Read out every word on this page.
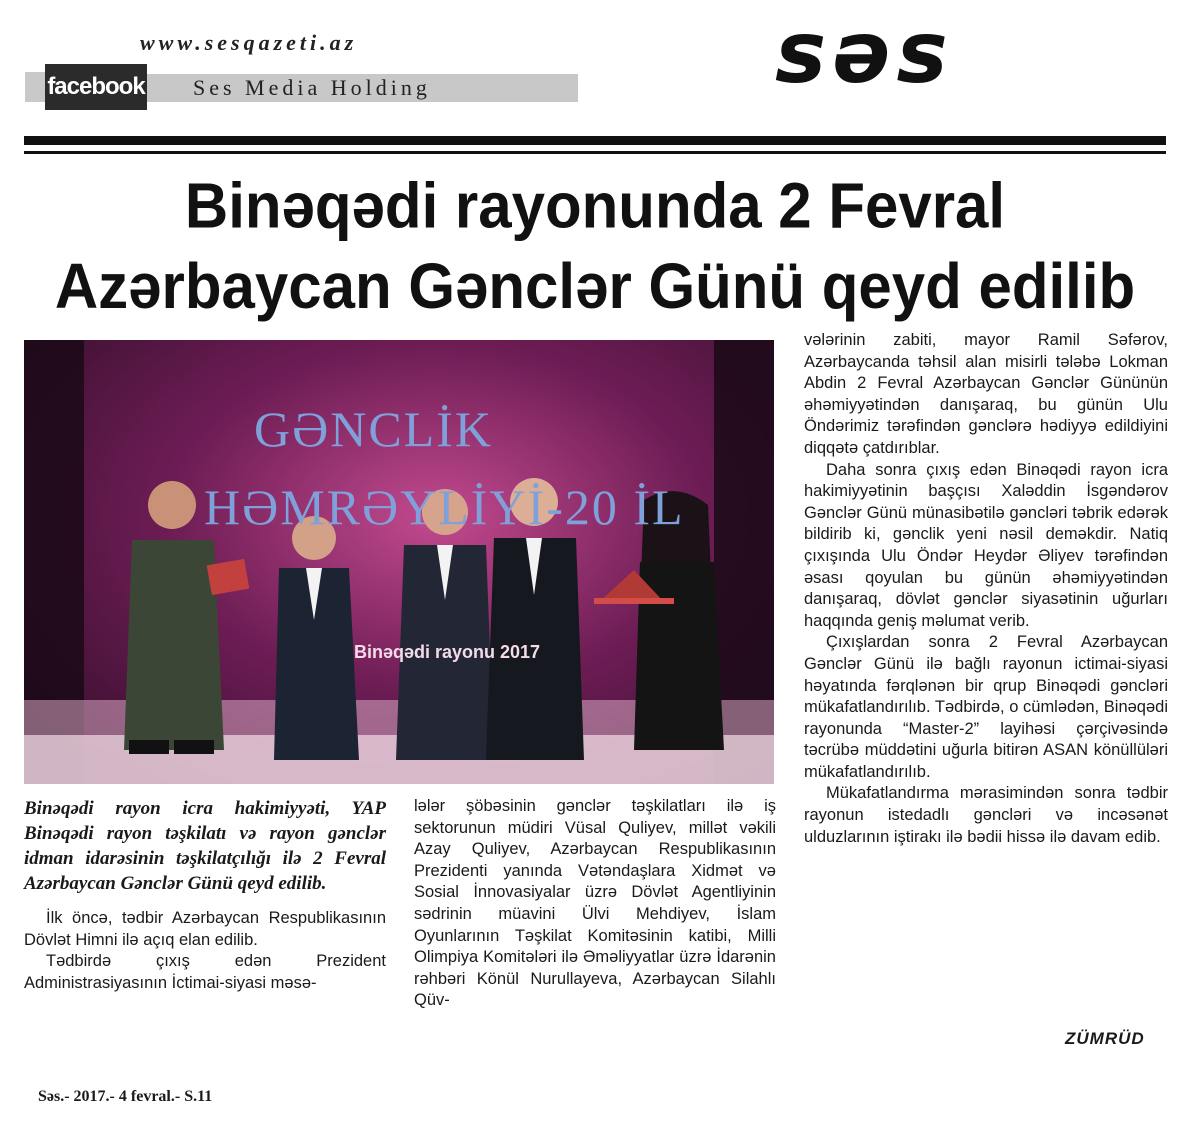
www.sesqazeti.az
facebook Ses Media Holding	səs
Binəqədi rayonunda 2 Fevral
Azərbaycan Gənclər Günü qeyd edilib
GƏNCLİK
HƏMRƏYLİYİ-20 İL
Binəqədi rayonu 2017

Binəqədi rayon icra hakimiyyəti, YAP Binəqədi rayon təşkilatı və rayon gənclər idman idarəsinin təşkilatçılığı ilə 2 Fevral Azərbaycan Gənclər Günü qeyd edilib.

İlk öncə, tədbir Azərbaycan Respublikasının Dövlət Himni ilə açıq elan edilib.

Tədbirdə çıxış edən Prezident Administrasiyasının İctimai-siyasi məsə-

lələr şöbəsinin gənclər təşkilatları ilə iş sektorunun müdiri Vüsal Quliyev, millət vəkili Azay Quliyev, Azərbaycan Respublikasının Prezidenti yanında Vətəndaşlara Xidmət və Sosial İnnovasiyalar üzrə Dövlət Agentliyinin sədrinin müavini Ülvi Mehdiyev, İslam Oyunlarının Təşkilat Komitəsinin katibi, Milli Olimpiya Komitələri ilə Əməliyyatlar üzrə İdarənin rəhbəri Könül Nurullayeva, Azərbaycan Silahlı Qüv-

vələrinin zabiti, mayor Ramil Səfərov, Azərbaycanda təhsil alan misirli tələbə Lokman Abdin 2 Fevral Azərbaycan Gənclər Gününün əhəmiyyətindən danışaraq, bu günün Ulu Öndərimiz tərəfindən gənclərə hədiyyə edildiyini diqqətə çatdırıblar.

Daha sonra çıxış edən Binəqədi rayon icra hakimiyyətinin başçısı Xaləddin İsgəndərov Gənclər Günü münasibətilə gəncləri təbrik edərək bildirib ki, gənclik yeni nəsil deməkdir. Natiq çıxışında Ulu Öndər Heydər Əliyev tərəfindən əsası qoyulan bu günün əhəmiyyətindən danışaraq, dövlət gənclər siyasətinin uğurları haqqında geniş məlumat verib.

Çıxışlardan sonra 2 Fevral Azərbaycan Gənclər Günü ilə bağlı rayonun ictimai-siyasi həyatında fərqlənən bir qrup Binəqədi gəncləri mükafatlandırılıb. Tədbirdə, o cümlədən, Binəqədi rayonunda “Master-2” layihəsi çərçivəsində təcrübə müddətini uğurla bitirən ASAN könüllüləri mükafatlandırılıb.

Mükafatlandırma mərasimindən sonra tədbir rayonun istedadlı gəncləri və incəsənət ulduzlarının iştirakı ilə bədii hissə ilə davam edib.

ZÜMRÜD
Səs.- 2017.- 4 fevral.- S.11
